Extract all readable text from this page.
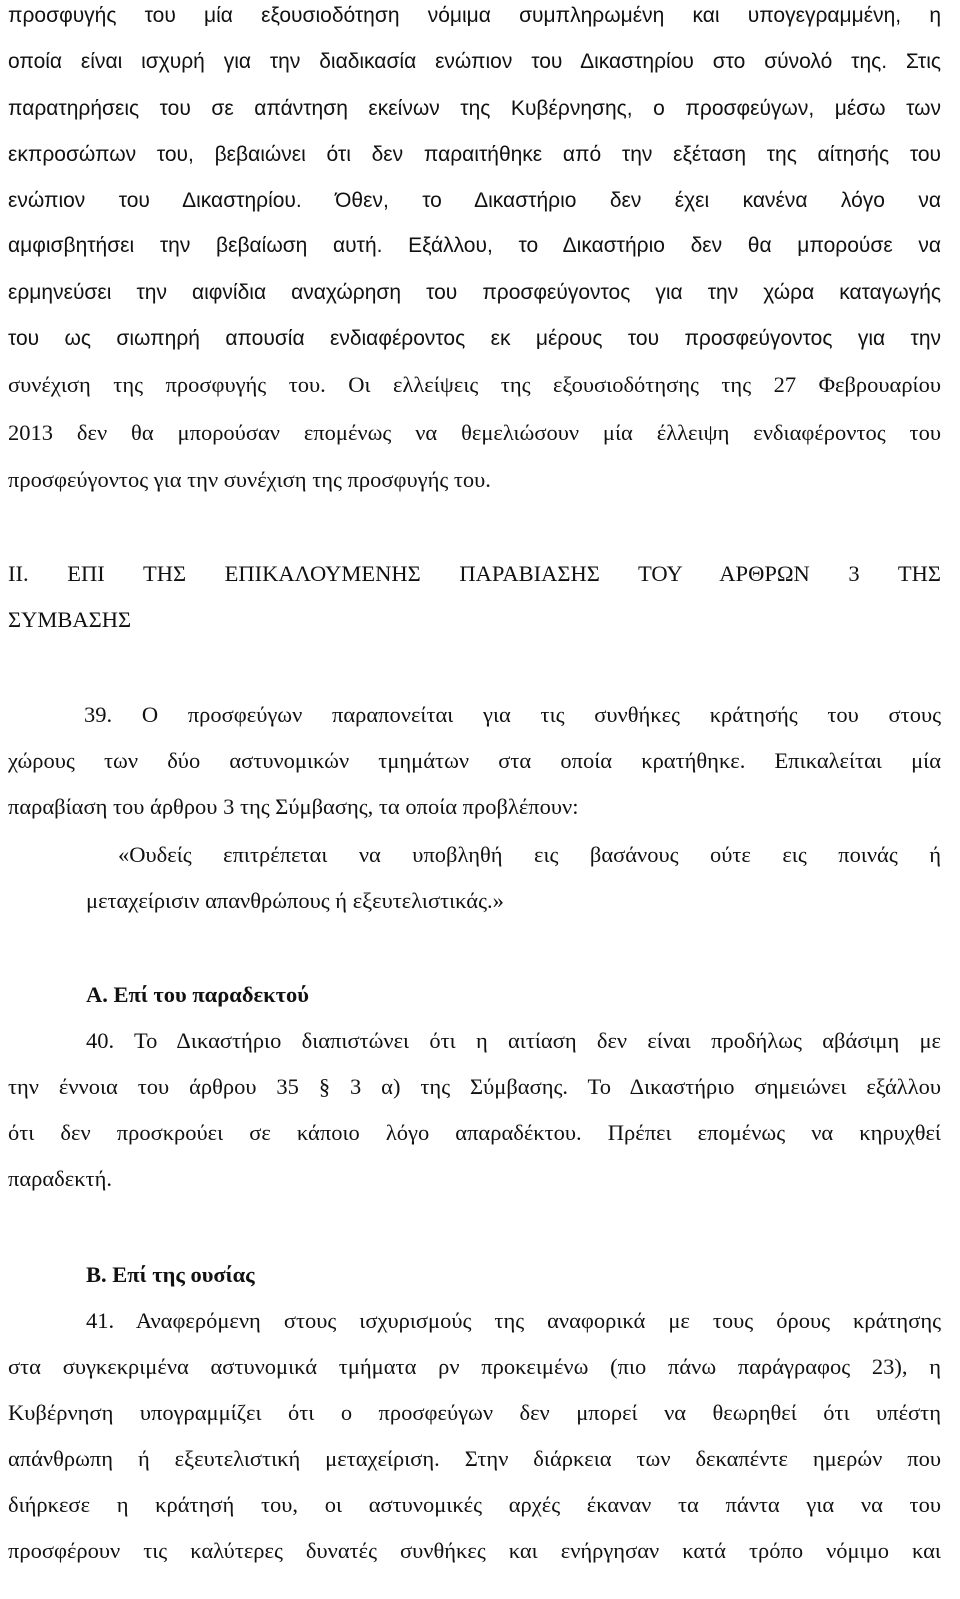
προσφυγής του μία εξουσιοδότηση νόμιμα συμπληρωμένη και υπογεγραμμένη, η
οποία είναι ισχυρή για την διαδικασία ενώπιον του Δικαστηρίου στο σύνολό της. Στις
παρατηρήσεις του σε απάντηση εκείνων της Κυβέρνησης, ο προσφεύγων, μέσω των
εκπροσώπων του, βεβαιώνει ότι δεν παραιτήθηκε από την εξέταση της αίτησής του
ενώπιον του Δικαστηρίου. Όθεν, το Δικαστήριο δεν έχει κανένα λόγο να
αμφισβητήσει την βεβαίωση αυτή. Εξάλλου, το Δικαστήριο δεν θα μπορούσε να
ερμηνεύσει την αιφνίδια αναχώρηση του προσφεύγοντος για την χώρα καταγωγής
του ως σιωπηρή απουσία ενδιαφέροντος εκ μέρους του προσφεύγοντος για την
συνέχιση της προσφυγής του. Οι ελλείψεις της εξουσιοδότησης της 27 Φεβρουαρίου
2013 δεν θα μπορούσαν επομένως να θεμελιώσουν μία έλλειψη ενδιαφέροντος του
προσφεύγοντος για την συνέχιση της προσφυγής του.
II. ΕΠΙ ΤΗΣ ΕΠΙΚΑΛΟΥΜΕΝΗΣ ΠΑΡΑΒΙΑΣΗΣ ΤΟΥ ΑΡΘΡΩΝ 3 ΤΗΣ
ΣΥΜΒΑΣΗΣ
39. Ο προσφεύγων παραπονείται για τις συνθήκες κράτησής του στους
χώρους των δύο αστυνομικών τμημάτων στα οποία κρατήθηκε. Επικαλείται μία
παραβίαση του άρθρου 3 της Σύμβασης, τα οποία προβλέπουν:
«Ουδείς επιτρέπεται να υποβληθή εις βασάνους ούτε εις ποινάς ή
μεταχείρισιν απανθρώπους ή εξευτελιστικάς.»
Α. Επί του παραδεκτού
40. Το Δικαστήριο διαπιστώνει ότι η αιτίαση δεν είναι προδήλως αβάσιμη με
την έννοια του άρθρου 35 § 3 α) της Σύμβασης. Το Δικαστήριο σημειώνει εξάλλου
ότι δεν προσκρούει σε κάποιο λόγο απαραδέκτου. Πρέπει επομένως να κηρυχθεί
παραδεκτή.
Β. Επί της ουσίας
41. Αναφερόμενη στους ισχυρισμούς της αναφορικά με τους όρους κράτησης
στα συγκεκριμένα αστυνομικά τμήματα ρν προκειμένω (πιο πάνω παράγραφος 23), η
Κυβέρνηση υπογραμμίζει ότι ο προσφεύγων δεν μπορεί να θεωρηθεί ότι υπέστη
απάνθρωπη ή εξευτελιστική μεταχείριση. Στην διάρκεια των δεκαπέντε ημερών που
διήρκεσε η κράτησή του, οι αστυνομικές αρχές έκαναν τα πάντα για να του
προσφέρουν τις καλύτερες δυνατές συνθήκες και ενήργησαν κατά τρόπο νόμιμο και
